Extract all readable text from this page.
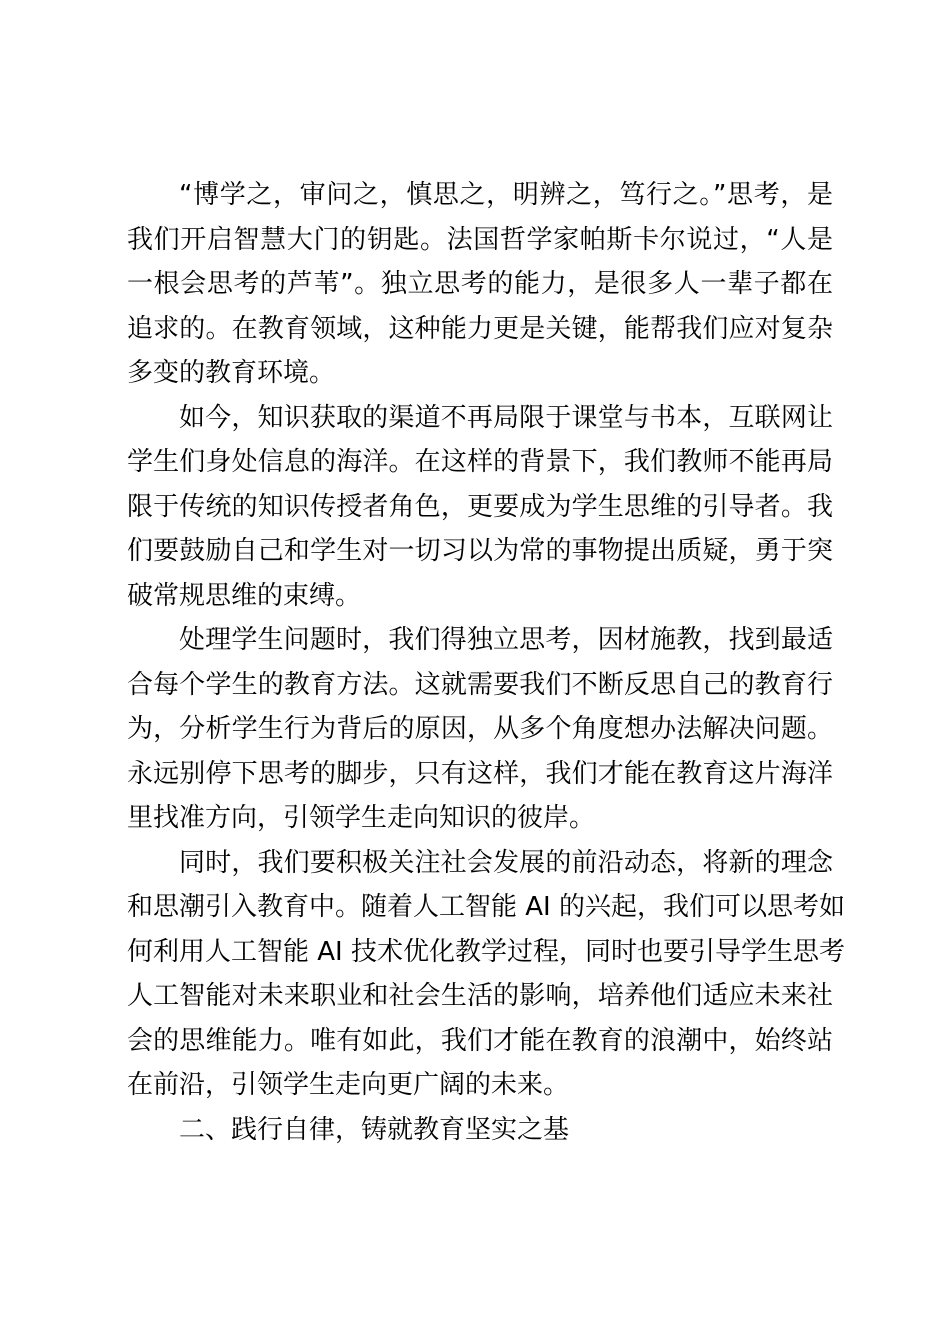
“博学之，审问之，慎思之，明辨之，笃行之。”思考，是
我们开启智慧大门的钥匙。法国哲学家帕斯卡尔说过，“人是
一根会思考的芦苇”。独立思考的能力，是很多人一辈子都在
追求的。在教育领域，这种能力更是关键，能帮我们应对复杂
多变的教育环境。
如今，知识获取的渠道不再局限于课堂与书本，互联网让
学生们身处信息的海洋。在这样的背景下，我们教师不能再局
限于传统的知识传授者角色，更要成为学生思维的引导者。我
们要鼓励自己和学生对一切习以为常的事物提出质疑，勇于突
破常规思维的束缚。
处理学生问题时，我们得独立思考，因材施教，找到最适
合每个学生的教育方法。这就需要我们不断反思自己的教育行
为，分析学生行为背后的原因，从多个角度想办法解决问题。
永远别停下思考的脚步，只有这样，我们才能在教育这片海洋
里找准方向，引领学生走向知识的彼岸。
同时，我们要积极关注社会发展的前沿动态，将新的理念
和思潮引入教育中。随着人工智能 AI 的兴起，我们可以思考如
何利用人工智能 AI 技术优化教学过程，同时也要引导学生思考
人工智能对未来职业和社会生活的影响，培养他们适应未来社
会的思维能力。唯有如此，我们才能在教育的浪潮中，始终站
在前沿，引领学生走向更广阔的未来。
二、践行自律，铸就教育坚实之基
